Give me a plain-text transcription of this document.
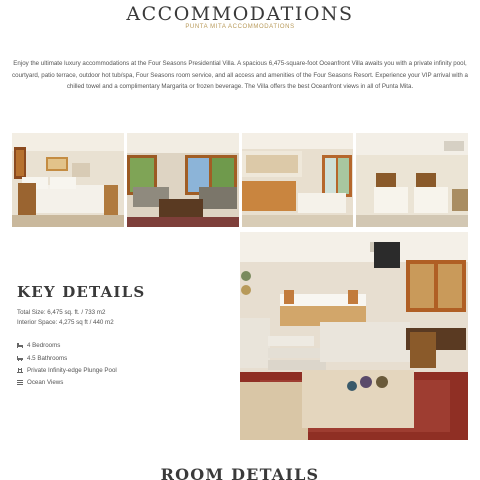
ACCOMMODATIONS
PUNTA MITA ACCOMMODATIONS

Enjoy the ultimate luxury accommodations at the Four Seasons Presidential Villa. A spacious 6,475-square-foot Oceanfront Villa awaits you with a private infinity pool, courtyard, patio terrace, outdoor hot tub/spa, Four Seasons room service, and all access and amenities of the Four Seasons Resort. Experience your VIP arrival with a chilled towel and a complimentary Margarita or frozen beverage. The Villa offers the best Oceanfront views in all of Punta Mita.

KEY DETAILS
Total Size: 6,475 sq. ft. / 733 m2
Interior Space: 4,275 sq ft / 440 m2
4 Bedrooms
4.5 Bathrooms
Private Infinity-edge Plunge Pool
Ocean Views
ROOM DETAILS
